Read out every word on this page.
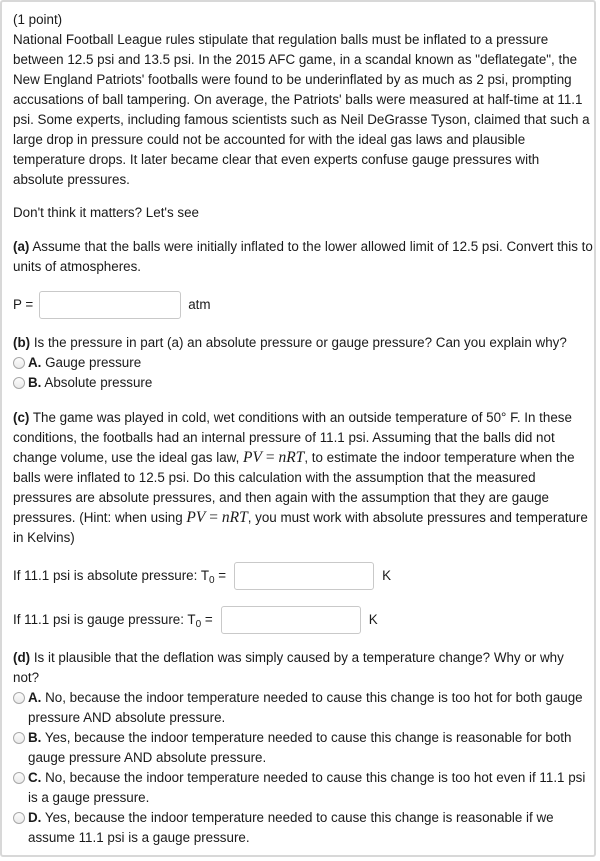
(1 point)

National Football League rules stipulate that regulation balls must be inflated to a pressure between 12.5 psi and 13.5 psi. In the 2015 AFC game, in a scandal known as "deflategate", the New England Patriots' footballs were found to be underinflated by as much as 2 psi, prompting accusations of ball tampering. On average, the Patriots' balls were measured at half-time at 11.1 psi. Some experts, including famous scientists such as Neil DeGrasse Tyson, claimed that such a large drop in pressure could not be accounted for with the ideal gas laws and plausible temperature drops. It later became clear that even experts confuse gauge pressures with absolute pressures.

Don't think it matters? Let's see

(a) Assume that the balls were initially inflated to the lower allowed limit of 12.5 psi. Convert this to units of atmospheres.

P =	atm

(b) Is the pressure in part (a) an absolute pressure or gauge pressure? Can you explain why?

A. Gauge pressure
B. Absolute pressure

(c) The game was played in cold, wet conditions with an outside temperature of 50° F. In these conditions, the footballs had an internal pressure of 11.1 psi. Assuming that the balls did not change volume, use the ideal gas law, PV = nRT, to estimate the indoor temperature when the balls were inflated to 12.5 psi. Do this calculation with the assumption that the measured pressures are absolute pressures, and then again with the assumption that they are gauge pressures. (Hint: when using PV = nRT, you must work with absolute pressures and temperature in Kelvins)

If 11.1 psi is absolute pressure: $T_0$ =	K
If 11.1 psi is gauge pressure: $T_0$ =	K

(d) Is it plausible that the deflation was simply caused by a temperature change? Why or why not?

A. No, because the indoor temperature needed to cause this change is too hot for both gauge pressure AND absolute pressure.
B. Yes, because the indoor temperature needed to cause this change is reasonable for both gauge pressure AND absolute pressure.
C. No, because the indoor temperature needed to cause this change is too hot even if 11.1 psi is a gauge pressure.
D. Yes, because the indoor temperature needed to cause this change is reasonable if we assume 11.1 psi is a gauge pressure.
